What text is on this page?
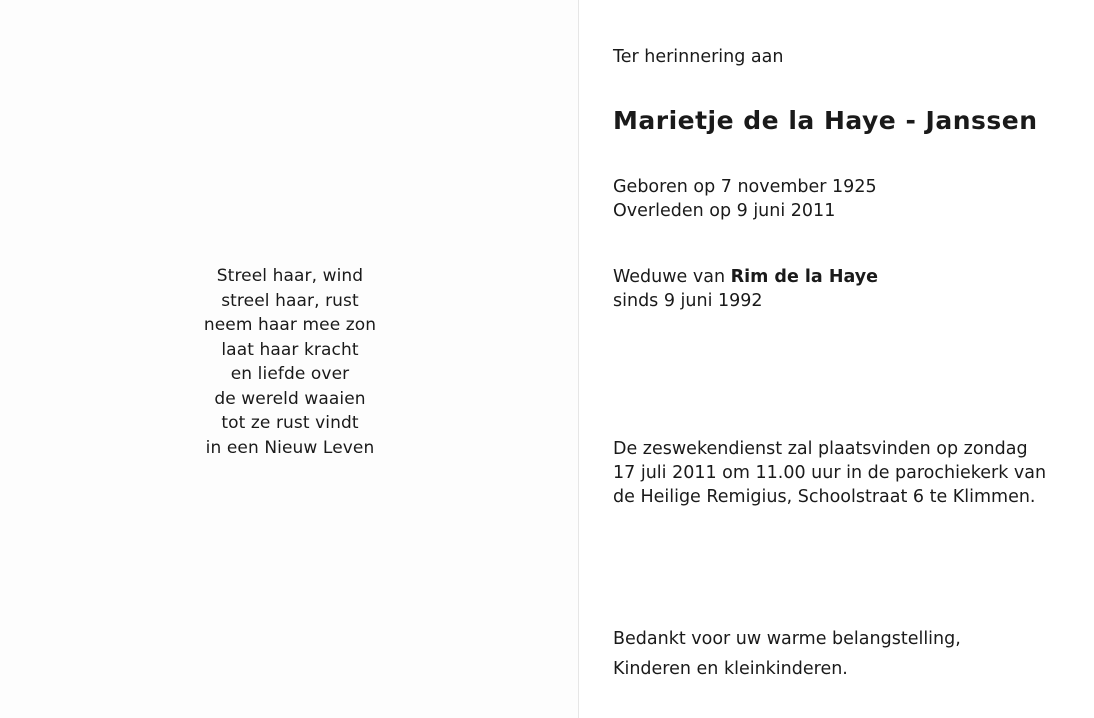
Streel haar, wind
streel haar, rust
neem haar mee zon
laat haar kracht
en liefde over
de wereld waaien
tot ze rust vindt
in een Nieuw Leven
Ter herinnering aan
Marietje de la Haye - Janssen
Geboren op 7 november 1925
Overleden op 9 juni 2011
Weduwe van Rim de la Haye
sinds 9 juni 1992
De zeswekendienst zal plaatsvinden op zondag
17 juli 2011 om 11.00 uur in de parochiekerk van
de Heilige Remigius, Schoolstraat 6 te Klimmen.
Bedankt voor uw warme belangstelling,
Kinderen en kleinkinderen.
